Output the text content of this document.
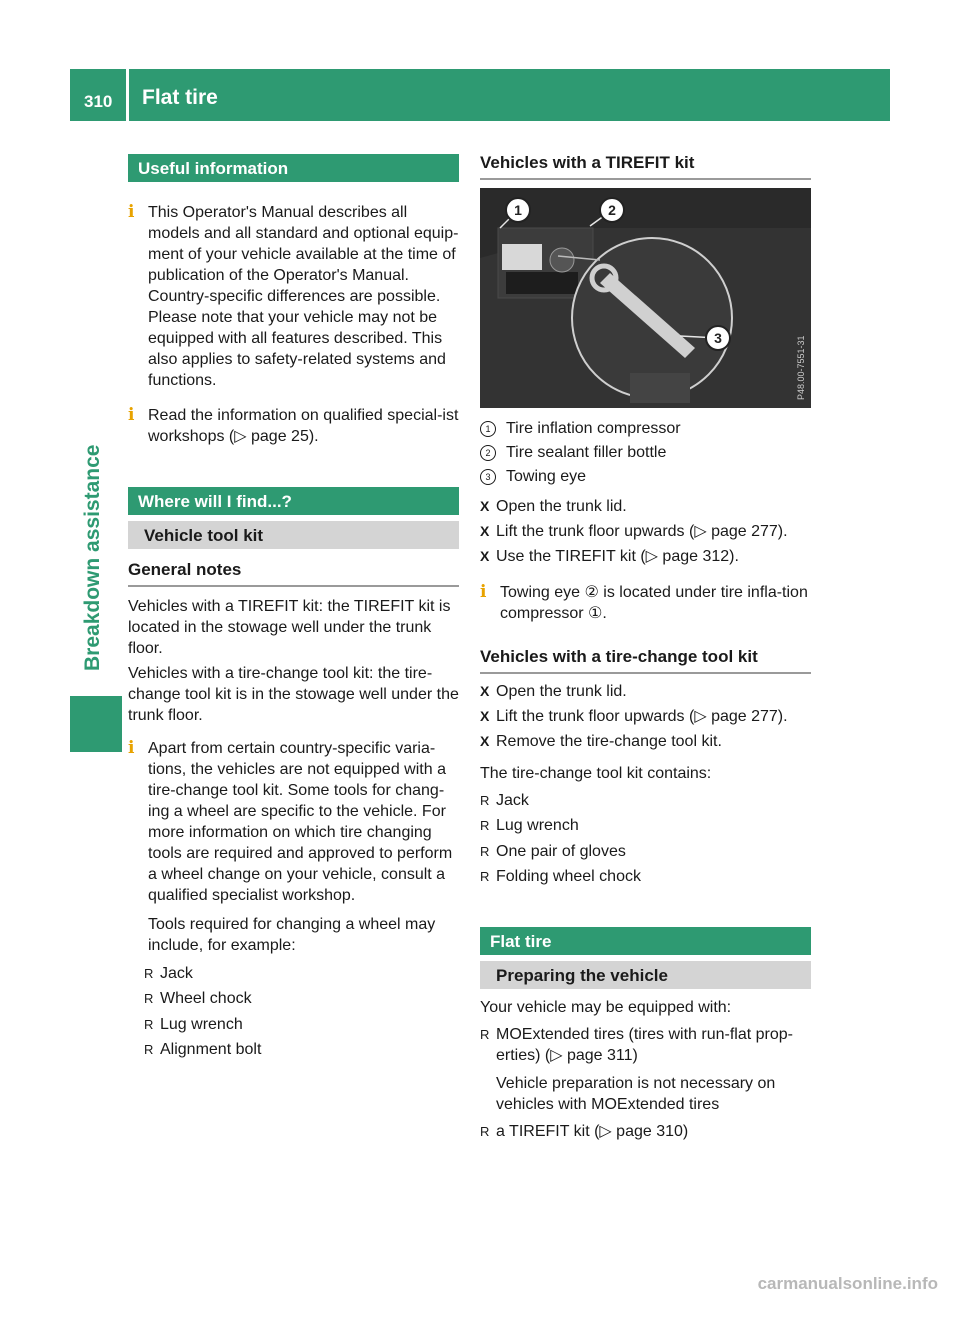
310 Flat tire
Breakdown assistance
Useful information
i This Operator's Manual describes all models and all standard and optional equip-ment of your vehicle available at the time of publication of the Operator's Manual. Country-specific differences are possible. Please note that your vehicle may not be equipped with all features described. This also applies to safety-related systems and functions.
i Read the information on qualified special-ist workshops (▷ page 25).
Where will I find...?
Vehicle tool kit
General notes
Vehicles with a TIREFIT kit: the TIREFIT kit is located in the stowage well under the trunk floor.
Vehicles with a tire-change tool kit: the tire-change tool kit is in the stowage well under the trunk floor.
i Apart from certain country-specific varia-tions, the vehicles are not equipped with a tire-change tool kit. Some tools for chang-ing a wheel are specific to the vehicle. For more information on which tire changing tools are required and approved to perform a wheel change on your vehicle, consult a qualified specialist workshop.
Tools required for changing a wheel may include, for example:
R Jack
R Wheel chock
R Lug wrench
R Alignment bolt
Vehicles with a TIREFIT kit
1	2
3	P48.00-7551-31
1 Tire inflation compressor
2 Tire sealant filler bottle
3 Towing eye
X Open the trunk lid.
X Lift the trunk floor upwards (▷ page 277).
X Use the TIREFIT kit (▷ page 312).
i Towing eye ② is located under tire infla-tion compressor ①.
Vehicles with a tire-change tool kit
X Open the trunk lid.
X Lift the trunk floor upwards (▷ page 277).
X Remove the tire-change tool kit.
The tire-change tool kit contains:
R Jack
R Lug wrench
R One pair of gloves
R Folding wheel chock
Flat tire
Preparing the vehicle
Your vehicle may be equipped with:
R MOExtended tires (tires with run-flat prop-erties) (▷ page 311)
Vehicle preparation is not necessary on vehicles with MOExtended tires
R a TIREFIT kit (▷ page 310)
carmanualsonline.info
